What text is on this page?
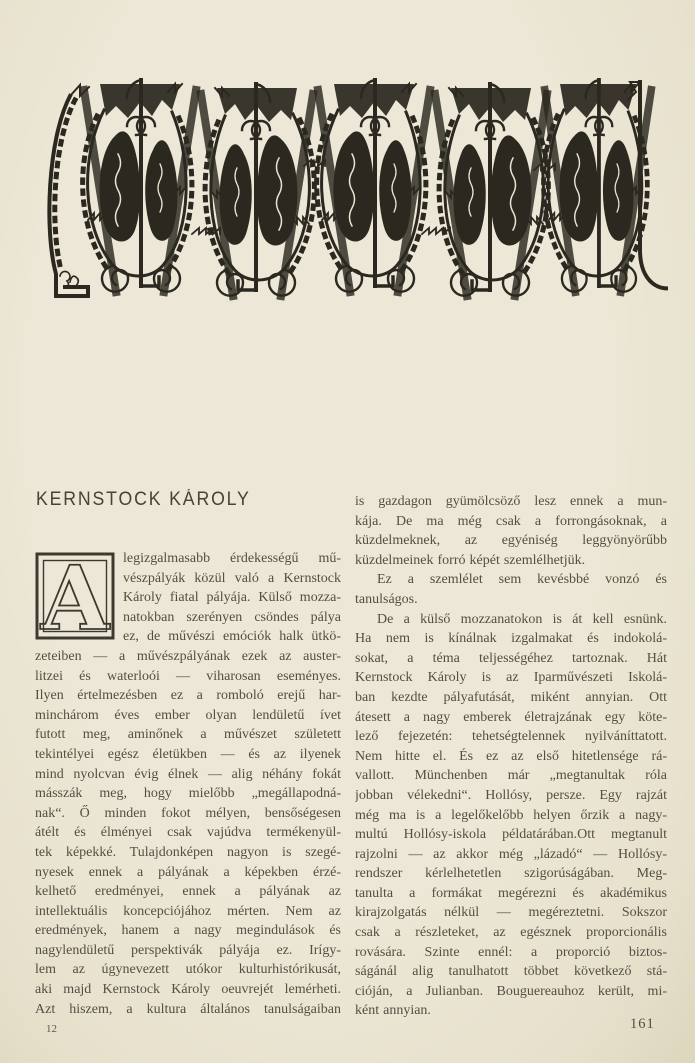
KERNSTOCK KÁROLY
A legizgalmasabb érdekességű mű-
vészpályák közül való a Kernstock
Károly fiatal pályája. Külső mozza-
natokban szerényen csöndes pálya
ez, de művészi emóciók halk ütkö-
zeteiben — a művészpályának ezek az auster-
litzei és waterloói — viharosan eseményes.
Ilyen értelmezésben ez a romboló erejű har-
minchárom éves ember olyan lendületű ívet
futott meg, aminőnek a művészet született
tekintélyei egész életükben — és az ilyenek
mind nyolcvan évig élnek — alig néhány fokát
másszák meg, hogy mielőbb „megállapodná-
nak“. Ő minden fokot mélyen, bensőségesen
átélt és élményei csak vajúdva termékenyül-
tek képekké. Tulajdonképen nagyon is szegé-
nyesek ennek a pályának a képekben érzé-
kelhető eredményei, ennek a pályának az
intellektuális koncepciójához mérten. Nem az
eredmények, hanem a nagy megindulások és
nagylendületű perspektivák pályája ez. Irígy-
lem az úgynevezett utókor kulturhistórikusát,
aki majd Kernstock Károly oeuvrejét lemérheti.
Azt hiszem, a kultura általános tanulságaiban
is gazdagon gyümölcsöző lesz ennek a mun-
kája. De ma még csak a forrongásoknak, a
küzdelmeknek, az egyéniség leggyönyörűbb
küzdelmeinek forró képét szemlélhetjük.
Ez a szemlélet sem kevésbbé vonzó és
tanulságos.
De a külső mozzanatokon is át kell esnünk.
Ha nem is kínálnak izgalmakat és indokolá-
sokat, a téma teljességéhez tartoznak. Hát
Kernstock Károly is az Iparművészeti Iskolá-
ban kezdte pályafutását, miként annyian. Ott
átesett a nagy emberek életrajzának egy köte-
lező fejezetén: tehetségtelennek nyilváníttatott.
Nem hitte el. És ez az első hitetlensége rá-
vallott. Münchenben már „megtanultak róla
jobban vélekedni“. Hollósy, persze. Egy rajzát
még ma is a legelőkelőbb helyen őrzik a nagy-
multú Hollósy-iskola példatárában.Ott megtanult
rajzolni — az akkor még „lázadó“ — Hollósy-
rendszer kérlelhetetlen szigorúságában. Meg-
tanulta a formákat megérezni és akadémikus
kirajzolgatás nélkül — megéreztetni. Sokszor
csak a részleteket, az egésznek proporcionális
rovására. Szinte ennél: a proporció biztos-
ságánál alig tanulhatott többet következő stá-
cióján, a Julianban. Bouguereauhoz került, mi-
ként annyian.
12	161
